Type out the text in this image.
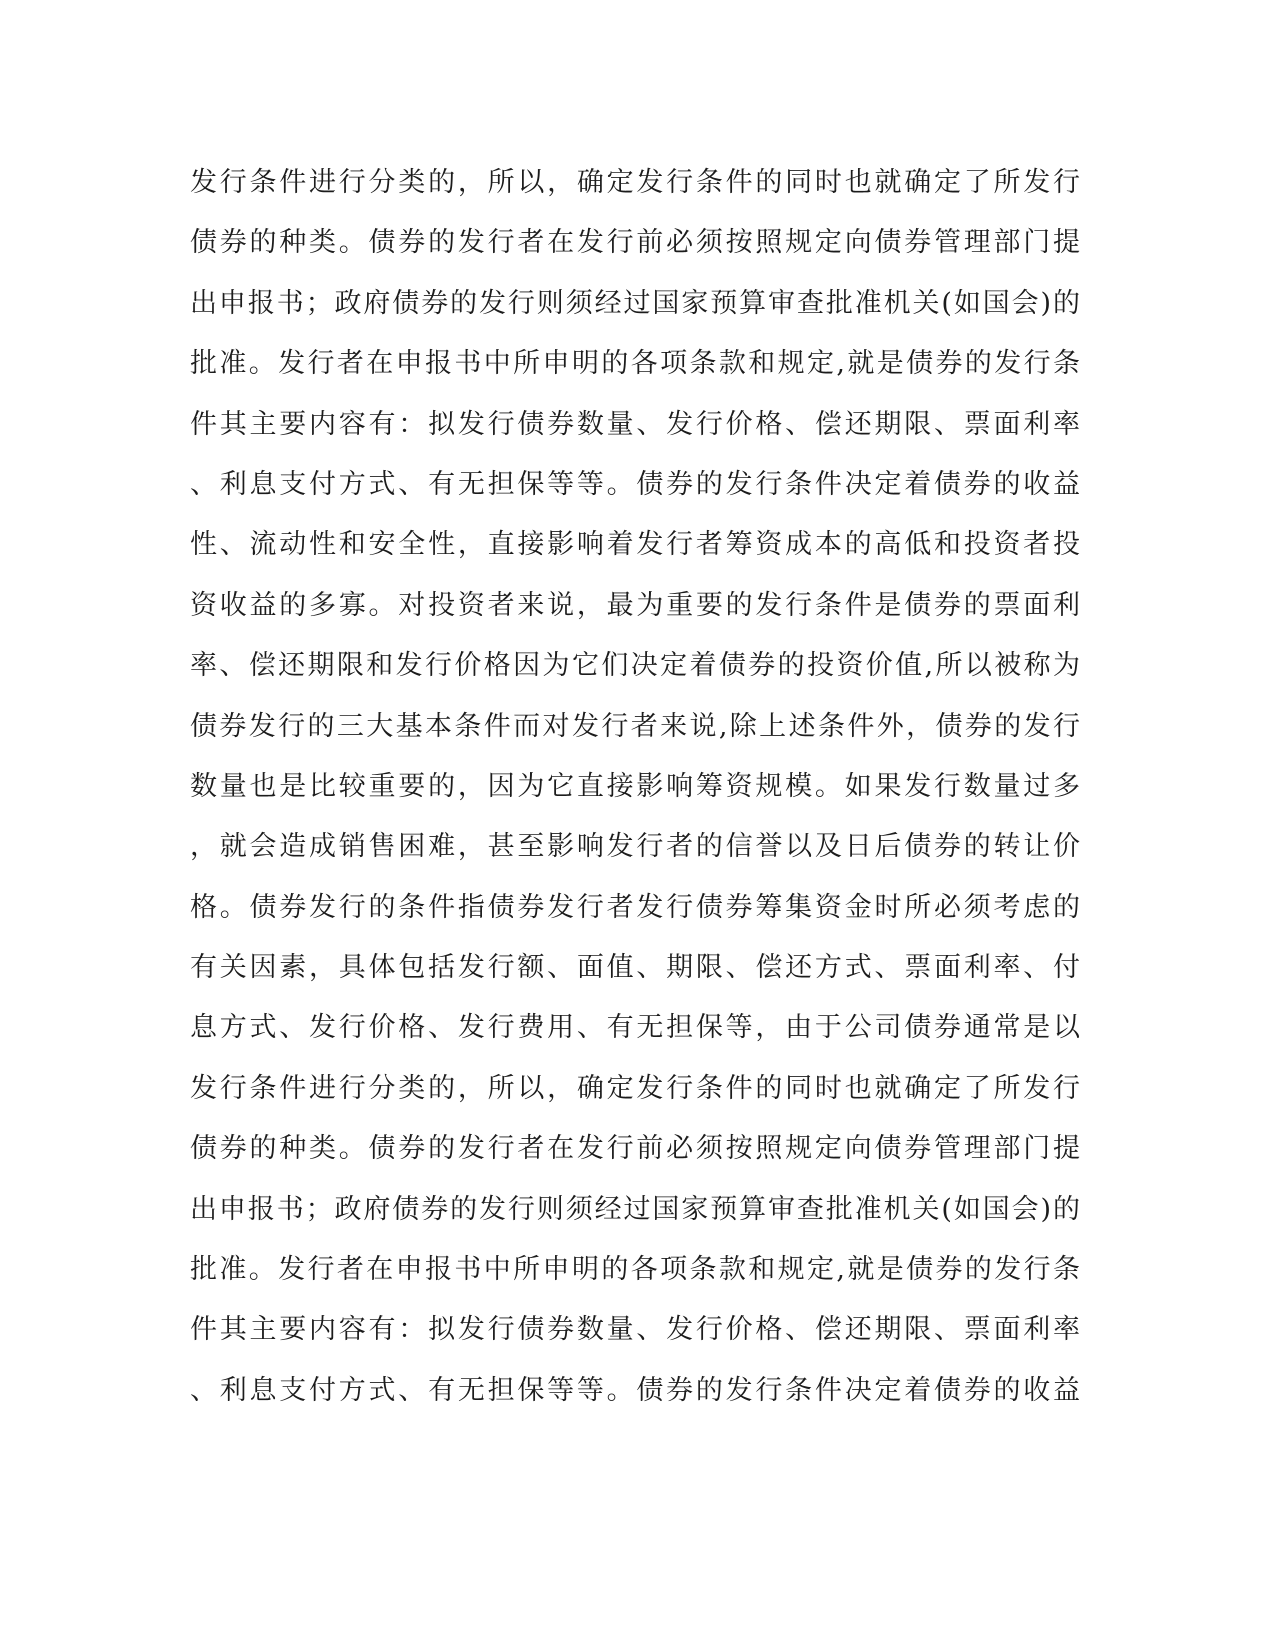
发行条件进行分类的，所以，确定发行条件的同时也就确定了所发行
债券的种类。债券的发行者在发行前必须按照规定向债券管理部门提
出申报书；政府债券的发行则须经过国家预算审查批准机关(如国会)的
批准。发行者在申报书中所申明的各项条款和规定,就是债券的发行条
件其主要内容有：拟发行债券数量、发行价格、偿还期限、票面利率
、利息支付方式、有无担保等等。债券的发行条件决定着债券的收益
性、流动性和安全性，直接影响着发行者筹资成本的高低和投资者投
资收益的多寡。对投资者来说，最为重要的发行条件是债券的票面利
率、偿还期限和发行价格因为它们决定着债券的投资价值,所以被称为
债券发行的三大基本条件而对发行者来说,除上述条件外，债券的发行
数量也是比较重要的，因为它直接影响筹资规模。如果发行数量过多
，就会造成销售困难，甚至影响发行者的信誉以及日后债券的转让价
格。债券发行的条件指债券发行者发行债券筹集资金时所必须考虑的
有关因素，具体包括发行额、面值、期限、偿还方式、票面利率、付
息方式、发行价格、发行费用、有无担保等，由于公司债券通常是以
发行条件进行分类的，所以，确定发行条件的同时也就确定了所发行
债券的种类。债券的发行者在发行前必须按照规定向债券管理部门提
出申报书；政府债券的发行则须经过国家预算审查批准机关(如国会)的
批准。发行者在申报书中所申明的各项条款和规定,就是债券的发行条
件其主要内容有：拟发行债券数量、发行价格、偿还期限、票面利率
、利息支付方式、有无担保等等。债券的发行条件决定着债券的收益
